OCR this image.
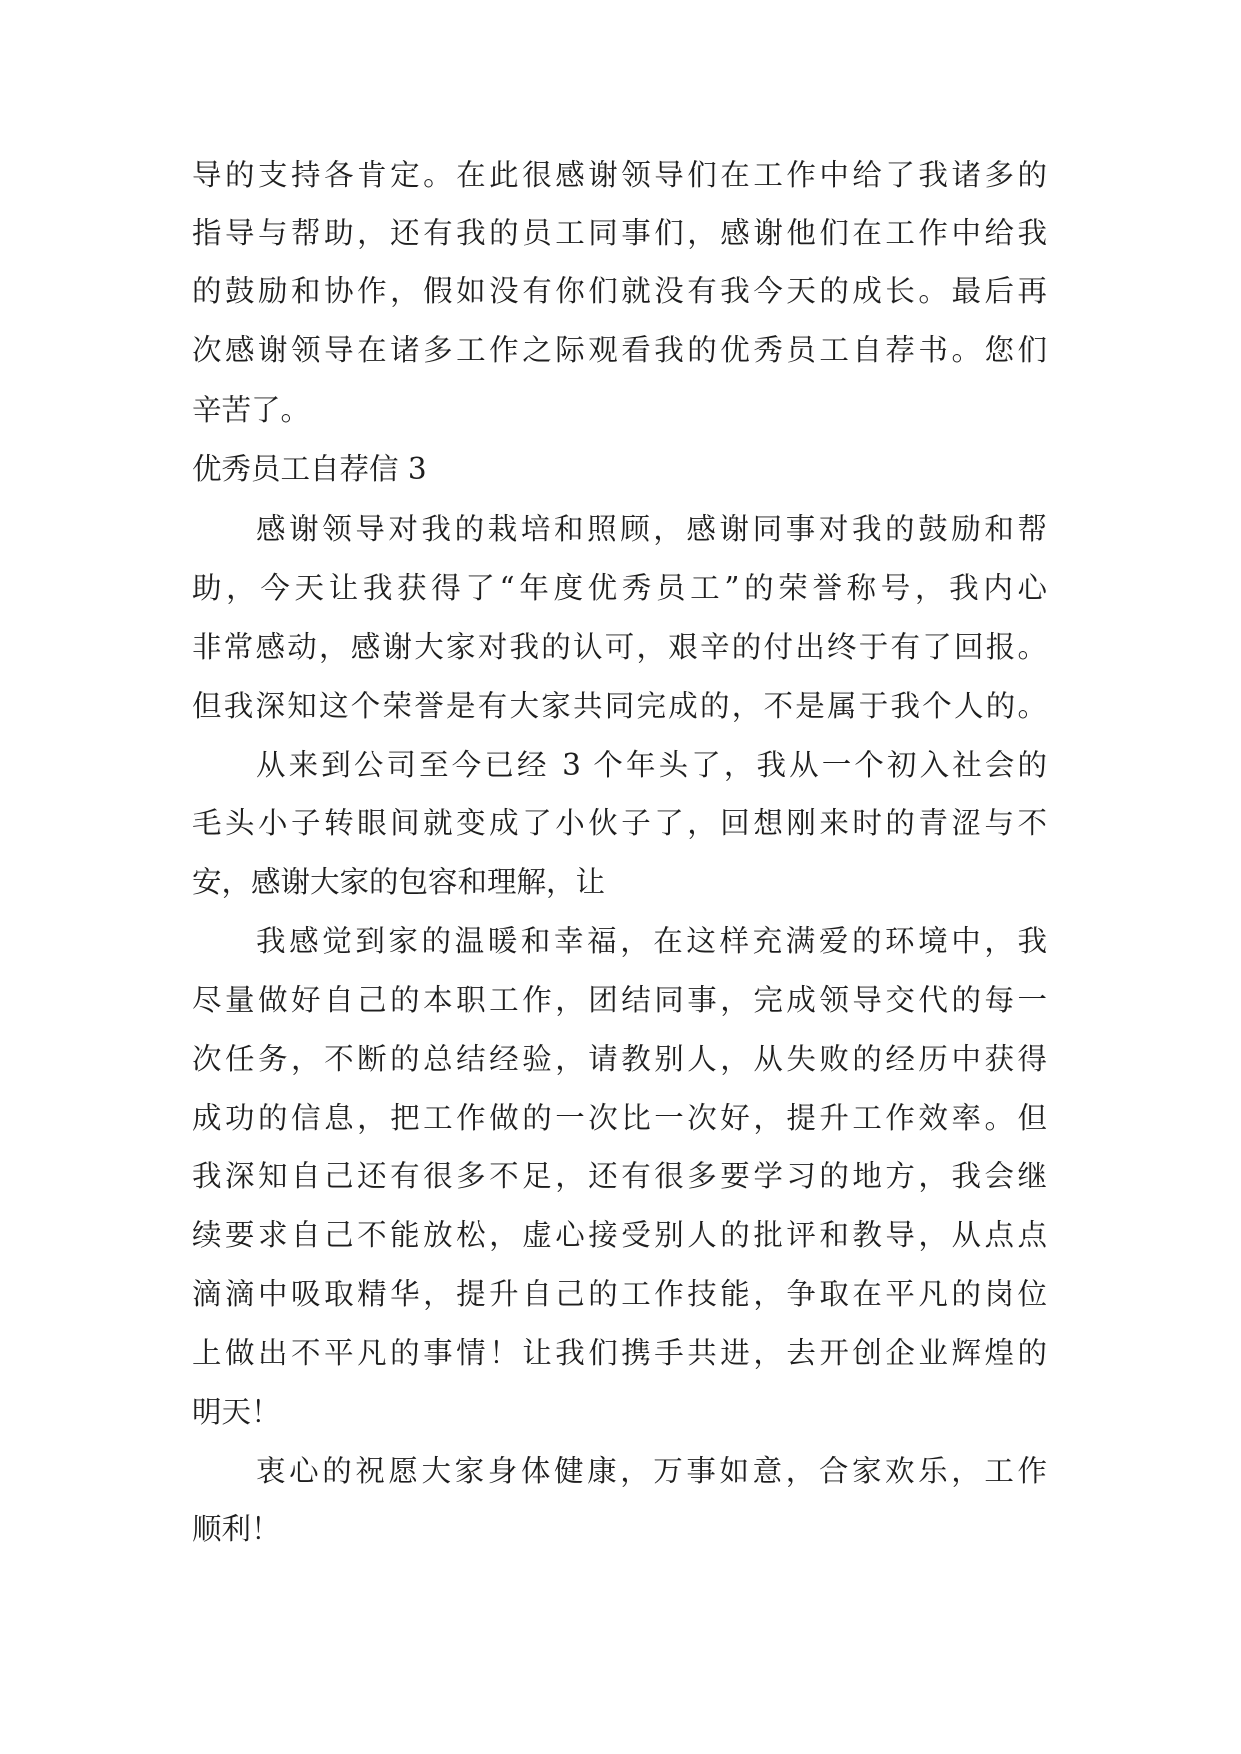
导的支持各肯定。在此很感谢领导们在工作中给了我诸多的
指导与帮助，还有我的员工同事们，感谢他们在工作中给我
的鼓励和协作，假如没有你们就没有我今天的成长。最后再
次感谢领导在诸多工作之际观看我的优秀员工自荐书。您们
辛苦了。
优秀员工自荐信 3
感谢领导对我的栽培和照顾，感谢同事对我的鼓励和帮
助，今天让我获得了“年度优秀员工”的荣誉称号，我内心
非常感动，感谢大家对我的认可，艰辛的付出终于有了回报。
但我深知这个荣誉是有大家共同完成的，不是属于我个人的。
从来到公司至今已经 3 个年头了，我从一个初入社会的
毛头小子转眼间就变成了小伙子了，回想刚来时的青涩与不
安，感谢大家的包容和理解，让
我感觉到家的温暖和幸福，在这样充满爱的环境中，我
尽量做好自己的本职工作，团结同事，完成领导交代的每一
次任务，不断的总结经验，请教别人，从失败的经历中获得
成功的信息，把工作做的一次比一次好，提升工作效率。但
我深知自己还有很多不足，还有很多要学习的地方，我会继
续要求自己不能放松，虚心接受别人的批评和教导，从点点
滴滴中吸取精华，提升自己的工作技能，争取在平凡的岗位
上做出不平凡的事情！让我们携手共进，去开创企业辉煌的
明天！
衷心的祝愿大家身体健康，万事如意，合家欢乐，工作
顺利！
